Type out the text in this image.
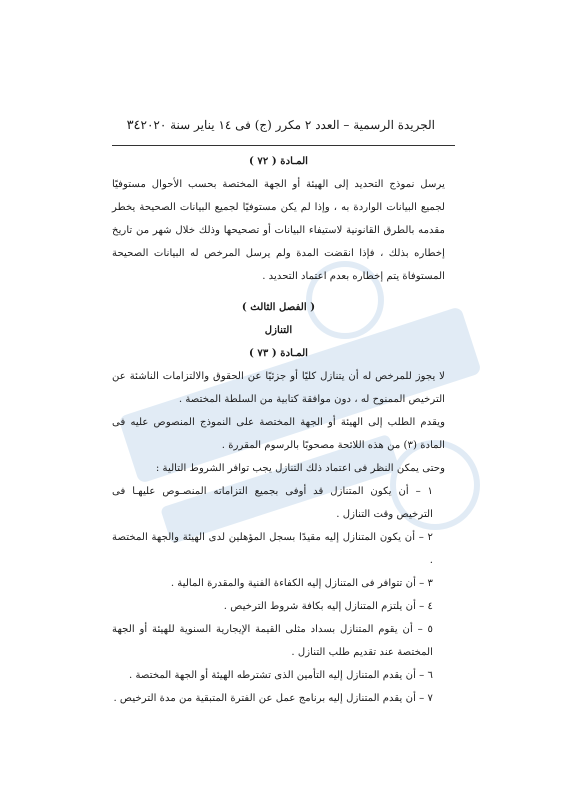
الجريدة الرسمية – العدد ٢ مكرر (ج) فى ١٤ يناير سنة ٢٠٢٠
٣٤

المـادة ( ٧٢ )

يرسل نموذج التحديد إلى الهيئة أو الجهة المختصة بحسب الأحوال مستوفيًا لجميع البيانات الواردة به ، وإذا لم يكن مستوفيًا لجميع البيانات الصحيحة يخطر مقدمه بالطرق القانونية لاستيفاء البيانات أو تصحيحها وذلك خلال شهر من تاريخ إخطاره بذلك ، فإذا انقضت المدة ولم يرسل المرخص له البيانات الصحيحة المستوفاة يتم إخطاره بعدم اعتماد التحديد .

( الفصل الثالث )

التنازل

المـادة ( ٧٣ )

لا يجوز للمرخص له أن يتنازل كليًا أو جزئيًا عن الحقوق والالتزامات الناشئة عن الترخيص الممنوح له ، دون موافقة كتابية من السلطة المختصة .

ويقدم الطلب إلى الهيئة أو الجهة المختصة على النموذج المنصوص عليه فى المادة (٣) من هذه اللائحة مصحوبًا بالرسوم المقررة .

وحتى يمكن النظر فى اعتماد ذلك التنازل يجب توافر الشروط التالية :

١ – أن يكون المتنازل قد أوفى بجميع التزاماته المنصـوص عليهـا فى الترخيص وقت التنازل .

٢ – أن يكون المتنازل إليه مقيدًا بسجل المؤهلين لدى الهيئة والجهة المختصة .

٣ – أن تتوافر فى المتنازل إليه الكفاءة الفنية والمقدرة المالية .

٤ – أن يلتزم المتنازل إليه بكافة شروط الترخيص .

٥ – أن يقوم المتنازل بسداد مثلى القيمة الإيجارية السنوية للهيئة أو الجهة المختصة عند تقديم طلب التنازل .

٦ – أن يقدم المتنازل إليه التأمين الذى تشترطه الهيئة أو الجهة المختصة .

٧ – أن يقدم المتنازل إليه برنامج عمل عن الفترة المتبقية من مدة الترخيص .
